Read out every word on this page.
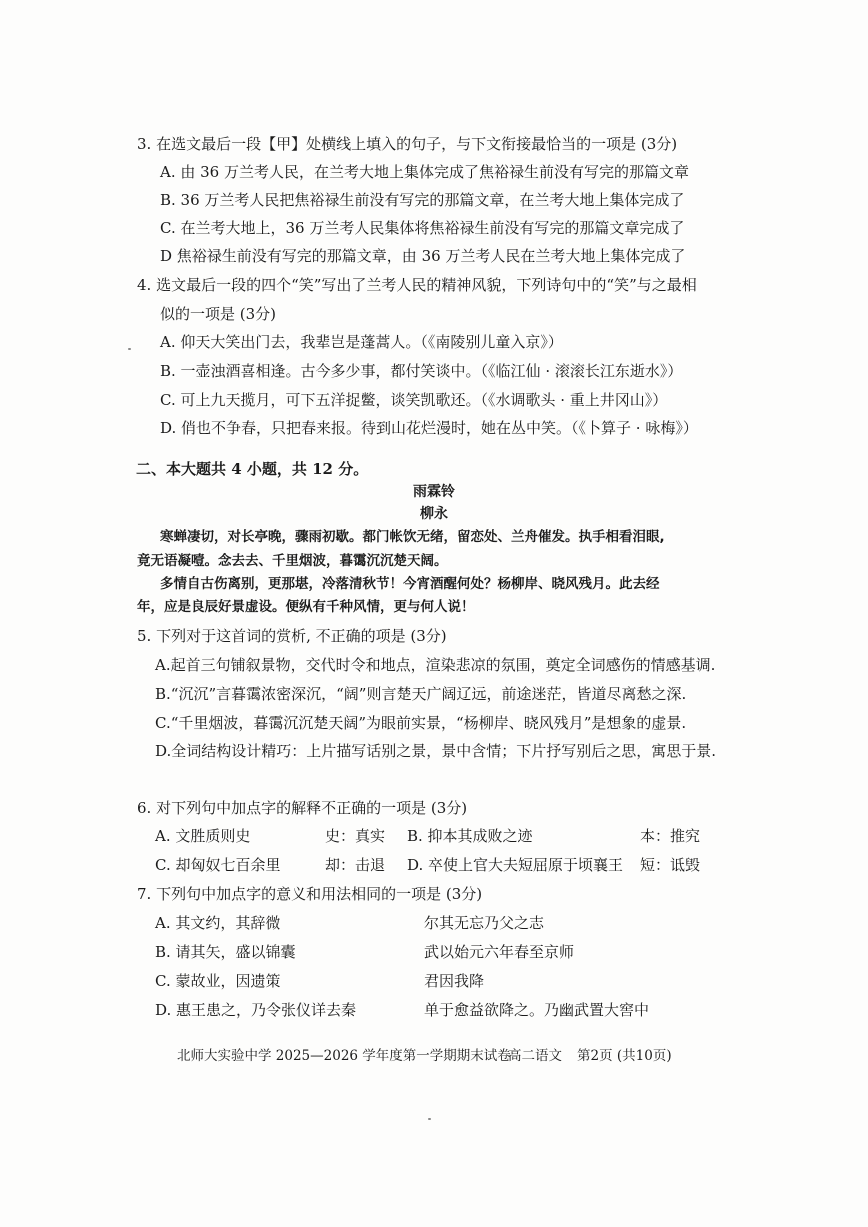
3. 在选文最后一段【甲】处横线上填入的句子，与下文衔接最恰当的一项是 (3分)
A. 由 36 万兰考人民，在兰考大地上集体完成了焦裕禄生前没有写完的那篇文章
B. 36 万兰考人民把焦裕禄生前没有写完的那篇文章，在兰考大地上集体完成了
C. 在兰考大地上，36 万兰考人民集体将焦裕禄生前没有写完的那篇文章完成了
D 焦裕禄生前没有写完的那篇文章，由 36 万兰考人民在兰考大地上集体完成了
4. 选文最后一段的四个“笑”写出了兰考人民的精神风貌，下列诗句中的“笑”与之最相
似的一项是 (3分)
A. 仰天大笑出门去，我辈岂是蓬蒿人。（《南陵别儿童入京》）
B. 一壶浊酒喜相逢。古今多少事，都付笑谈中。（《临江仙 · 滚滚长江东逝水》）
C. 可上九天揽月，可下五洋捉鳖，谈笑凯歌还。（《水调歌头 · 重上井冈山》）
D. 俏也不争春，只把春来报。待到山花烂漫时，她在丛中笑。（《卜算子 · 咏梅》）
二、本大题共 4 小题，共 12 分。
雨霖铃
柳永
寒蝉凄切，对长亭晚，骤雨初歇。都门帐饮无绪，留恋处、兰舟催发。执手相看泪眼,
竟无语凝噎。念去去、千里烟波，暮霭沉沉楚天阔。
多情自古伤离别，更那堪，冷落清秋节！今宵酒醒何处？杨柳岸、晓风残月。此去经
年，应是良辰好景虚设。便纵有千种风情，更与何人说！
5. 下列对于这首词的赏析, 不正确的项是 (3分)
A.起首三句铺叙景物，交代时令和地点，渲染悲凉的氛围，奠定全词感伤的情感基调.
B.“沉沉”言暮霭浓密深沉，“阔”则言楚天广阔辽远，前途迷茫，皆道尽离愁之深.
C.“千里烟波，暮霭沉沉楚天阔”为眼前实景，“杨柳岸、晓风残月”是想象的虚景.
D.全词结构设计精巧：上片描写话别之景，景中含情；下片抒写别后之思，寓思于景.
6. 对下列句中加点字的解释不正确的一项是 (3分)
A. 文胜质则史	史：真实 B. 抑本其成败之迹	本：推究
C. 却匈奴七百余里	却：击退 D. 卒使上官大夫短屈原于顷襄王 短：诋毁
7. 下列句中加点字的意义和用法相同的一项是 (3分)
A. 其文约，其辞微	尔其无忘乃父之志
B. 请其矢，盛以锦囊	武以始元六年春至京师
C. 蒙故业，因遗策	君因我降
D. 惠王患之，乃令张仪详去秦	单于愈益欲降之。乃幽武置大窖中
北师大实验中学 2025—2026 学年度第一学期期末试卷
高二语文 第2页 (共10页)
